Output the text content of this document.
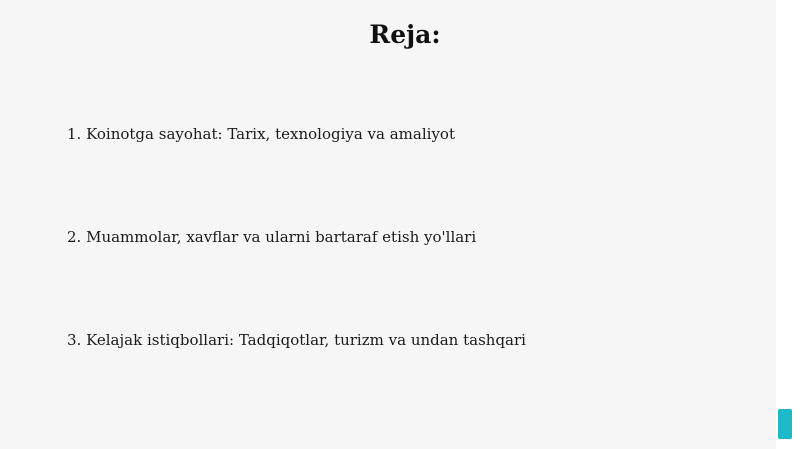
Reja:

1. Koinotga sayohat: Tarix, texnologiya va amaliyot

2. Muammolar, xavflar va ularni bartaraf etish yo'llari

3. Kelajak istiqbollari: Tadqiqotlar, turizm va undan tashqari
